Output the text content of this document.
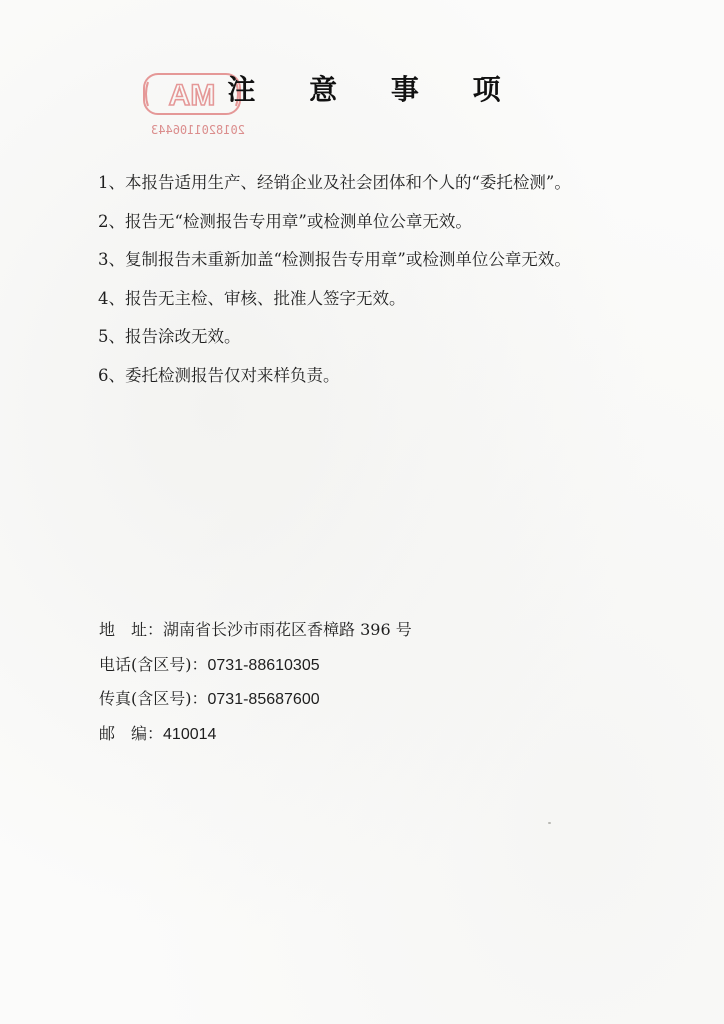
AM
2018201106443
注 意 事 项
1、本报告适用生产、经销企业及社会团体和个人的“委托检测”。
2、报告无“检测报告专用章”或检测单位公章无效。
3、复制报告未重新加盖“检测报告专用章”或检测单位公章无效。
4、报告无主检、审核、批准人签字无效。
5、报告涂改无效。
6、委托检测报告仅对来样负责。
地　址：湖南省长沙市雨花区香樟路 396 号
电话(含区号)：0731-88610305
传真(含区号)：0731-85687600
邮　编：410014
